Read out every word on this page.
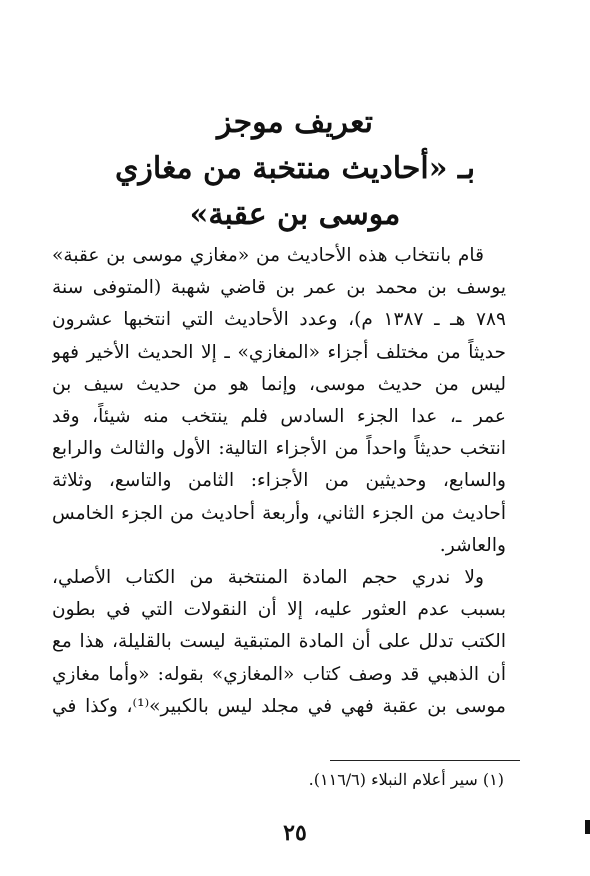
تعريف موجز
بـ «أحاديث منتخبة من مغازي
موسى بن عقبة»
قام بانتخاب هذه الأحاديث من «مغازي موسى بن عقبة»
يوسف بن محمد بن عمر بن قاضي شهبة (المتوفى سنة
٧٨٩ هـ ـ ١٣٨٧ م)، وعدد الأحاديث التي انتخبها عشرون
حديثاً من مختلف أجزاء «المغازي» ـ إلا الحديث الأخير فهو
ليس من حديث موسى، وإنما هو من حديث سيف بن
عمر ـ، عدا الجزء السادس فلم ينتخب منه شيئاً، وقد
انتخب حديثاً واحداً من الأجزاء التالية: الأول والثالث والرابع
والسابع، وحديثين من الأجزاء: الثامن والتاسع، وثلاثة
أحاديث من الجزء الثاني، وأربعة أحاديث من الجزء الخامس
والعاشر.
ولا ندري حجم المادة المنتخبة من الكتاب الأصلي،
بسبب عدم العثور عليه، إلا أن النقولات التي في بطون
الكتب تدلل على أن المادة المتبقية ليست بالقليلة، هذا مع
أن الذهبي قد وصف كتاب «المغازي» بقوله: «وأما مغازي
موسى بن عقبة فهي في مجلد ليس بالكبير»⁽¹⁾، وكذا في
(١) سير أعلام النبلاء (١١٦/٦).
٢٥
